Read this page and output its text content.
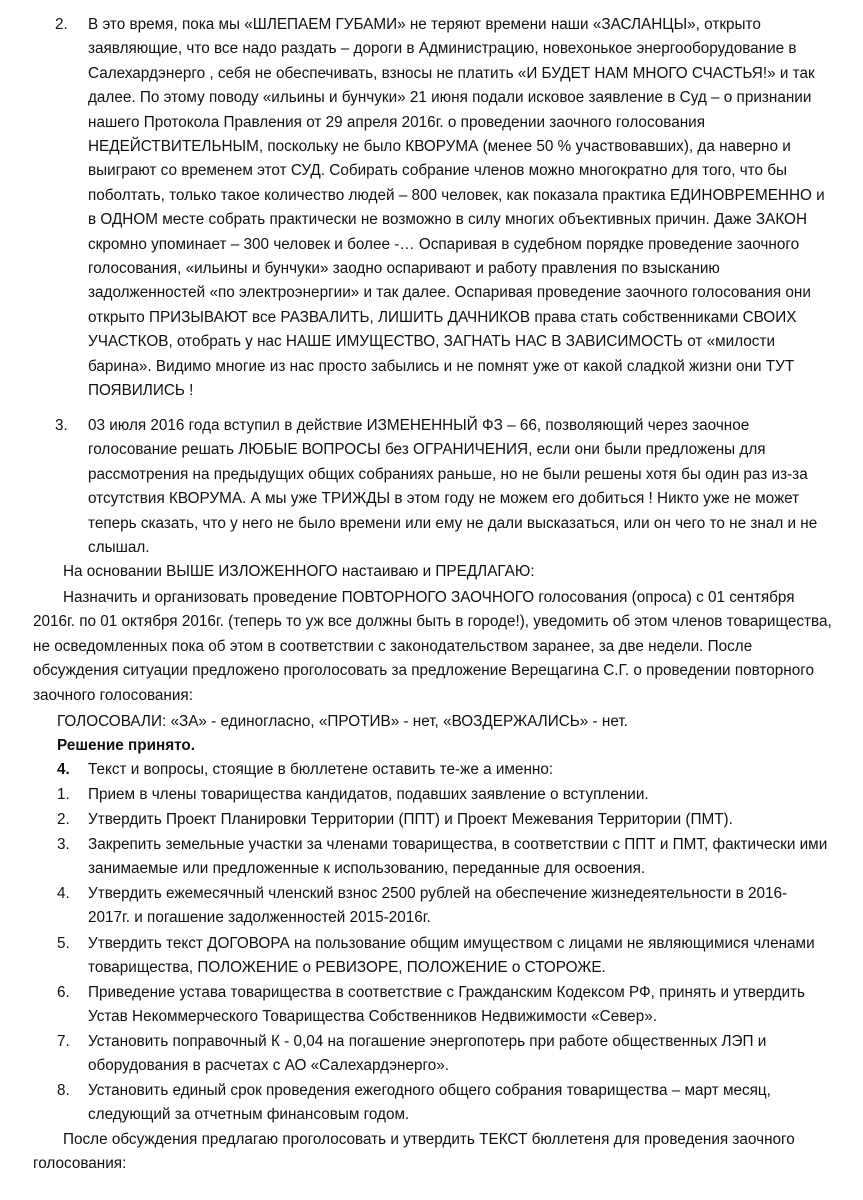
2.	В это время, пока мы «ШЛЕПАЕМ ГУБАМИ» не теряют времени наши «ЗАСЛАНЦЫ», открыто заявляющие, что все надо раздать – дороги в Администрацию, новехонькое энергооборудование в Салехардэнерго , себя не обеспечивать, взносы не платить «И БУДЕТ НАМ МНОГО СЧАСТЬЯ!» и так далее. По этому поводу «ильины и бунчуки» 21 июня подали исковое заявление в Суд – о признании нашего Протокола Правления от 29 апреля 2016г. о проведении заочного голосования НЕДЕЙСТВИТЕЛЬНЫМ, поскольку не было КВОРУМА (менее 50 % участвовавших), да наверно и выиграют со временем этот СУД. Собирать собрание членов можно многократно для того, что бы поболтать, только такое количество людей – 800 человек, как показала практика ЕДИНОВРЕМЕННО и в ОДНОМ месте собрать практически не возможно в силу многих объективных причин. Даже ЗАКОН скромно упоминает – 300 человек и более -… Оспаривая в судебном порядке проведение заочного голосования, «ильины и бунчуки» заодно оспаривают и работу правления по взысканию задолженностей «по электроэнергии» и так далее. Оспаривая проведение заочного голосования они открыто ПРИЗЫВАЮТ все РАЗВАЛИТЬ, ЛИШИТЬ ДАЧНИКОВ права стать собственниками СВОИХ УЧАСТКОВ, отобрать у нас НАШЕ ИМУЩЕСТВО, ЗАГНАТЬ НАС В ЗАВИСИМОСТЬ от «милости барина». Видимо многие из нас просто забылись и не помнят уже от какой сладкой жизни они ТУТ ПОЯВИЛИСЬ !
3.	03 июля 2016 года вступил в действие ИЗМЕНЕННЫЙ ФЗ – 66, позволяющий через заочное голосование решать ЛЮБЫЕ ВОПРОСЫ без ОГРАНИЧЕНИЯ, если они были предложены для рассмотрения на предыдущих общих собраниях раньше, но не были решены хотя бы один раз из-за отсутствия КВОРУМА. А мы уже ТРИЖДЫ в этом году не можем его добиться ! Никто уже не может теперь сказать, что у него не было времени или ему не дали высказаться, или он чего то не знал и не слышал.
На основании ВЫШЕ ИЗЛОЖЕННОГО настаиваю и ПРЕДЛАГАЮ:
Назначить и организовать проведение ПОВТОРНОГО ЗАОЧНОГО голосования (опроса) с 01 сентября 2016г. по 01 октября 2016г. (теперь то уж все должны быть в городе!), уведомить об этом членов товарищества, не осведомленных пока об этом в соответствии с законодательством заранее, за две недели. После обсуждения ситуации предложено проголосовать за предложение Верещагина С.Г. о проведении повторного заочного голосования:
ГОЛОСОВАЛИ: «ЗА» - единогласно, «ПРОТИВ» - нет, «ВОЗДЕРЖАЛИСЬ» - нет.
Решение принято.
4.	Текст и вопросы, стоящие в бюллетене оставить те-же а именно:
1.	Прием в члены товарищества кандидатов, подавших заявление о вступлении.
2.	Утвердить Проект Планировки Территории (ППТ) и Проект Межевания Территории (ПМТ).
3.	Закрепить земельные участки за членами товарищества, в соответствии с ППТ и ПМТ, фактически ими занимаемые или предложенные к использованию, переданные для освоения.
4.	Утвердить ежемесячный членский взнос 2500 рублей на обеспечение жизнедеятельности в 2016-2017г. и погашение задолженностей 2015-2016г.
5.	Утвердить текст ДОГОВОРА на пользование общим имуществом с лицами не являющимися членами товарищества, ПОЛОЖЕНИЕ о РЕВИЗОРЕ, ПОЛОЖЕНИЕ о СТОРОЖЕ.
6.	Приведение устава товарищества в соответствие с Гражданским Кодексом РФ, принять и утвердить Устав Некоммерческого Товарищества Собственников Недвижимости «Север».
7.	Установить поправочный К - 0,04 на погашение энергопотерь при работе общественных ЛЭП и оборудования в расчетах с АО «Салехардэнерго».
8.	Установить единый срок проведения ежегодного общего собрания товарищества – март месяц, следующий за отчетным финансовым годом.
После обсуждения предлагаю проголосовать и утвердить ТЕКСТ бюллетеня для проведения заочного голосования:
